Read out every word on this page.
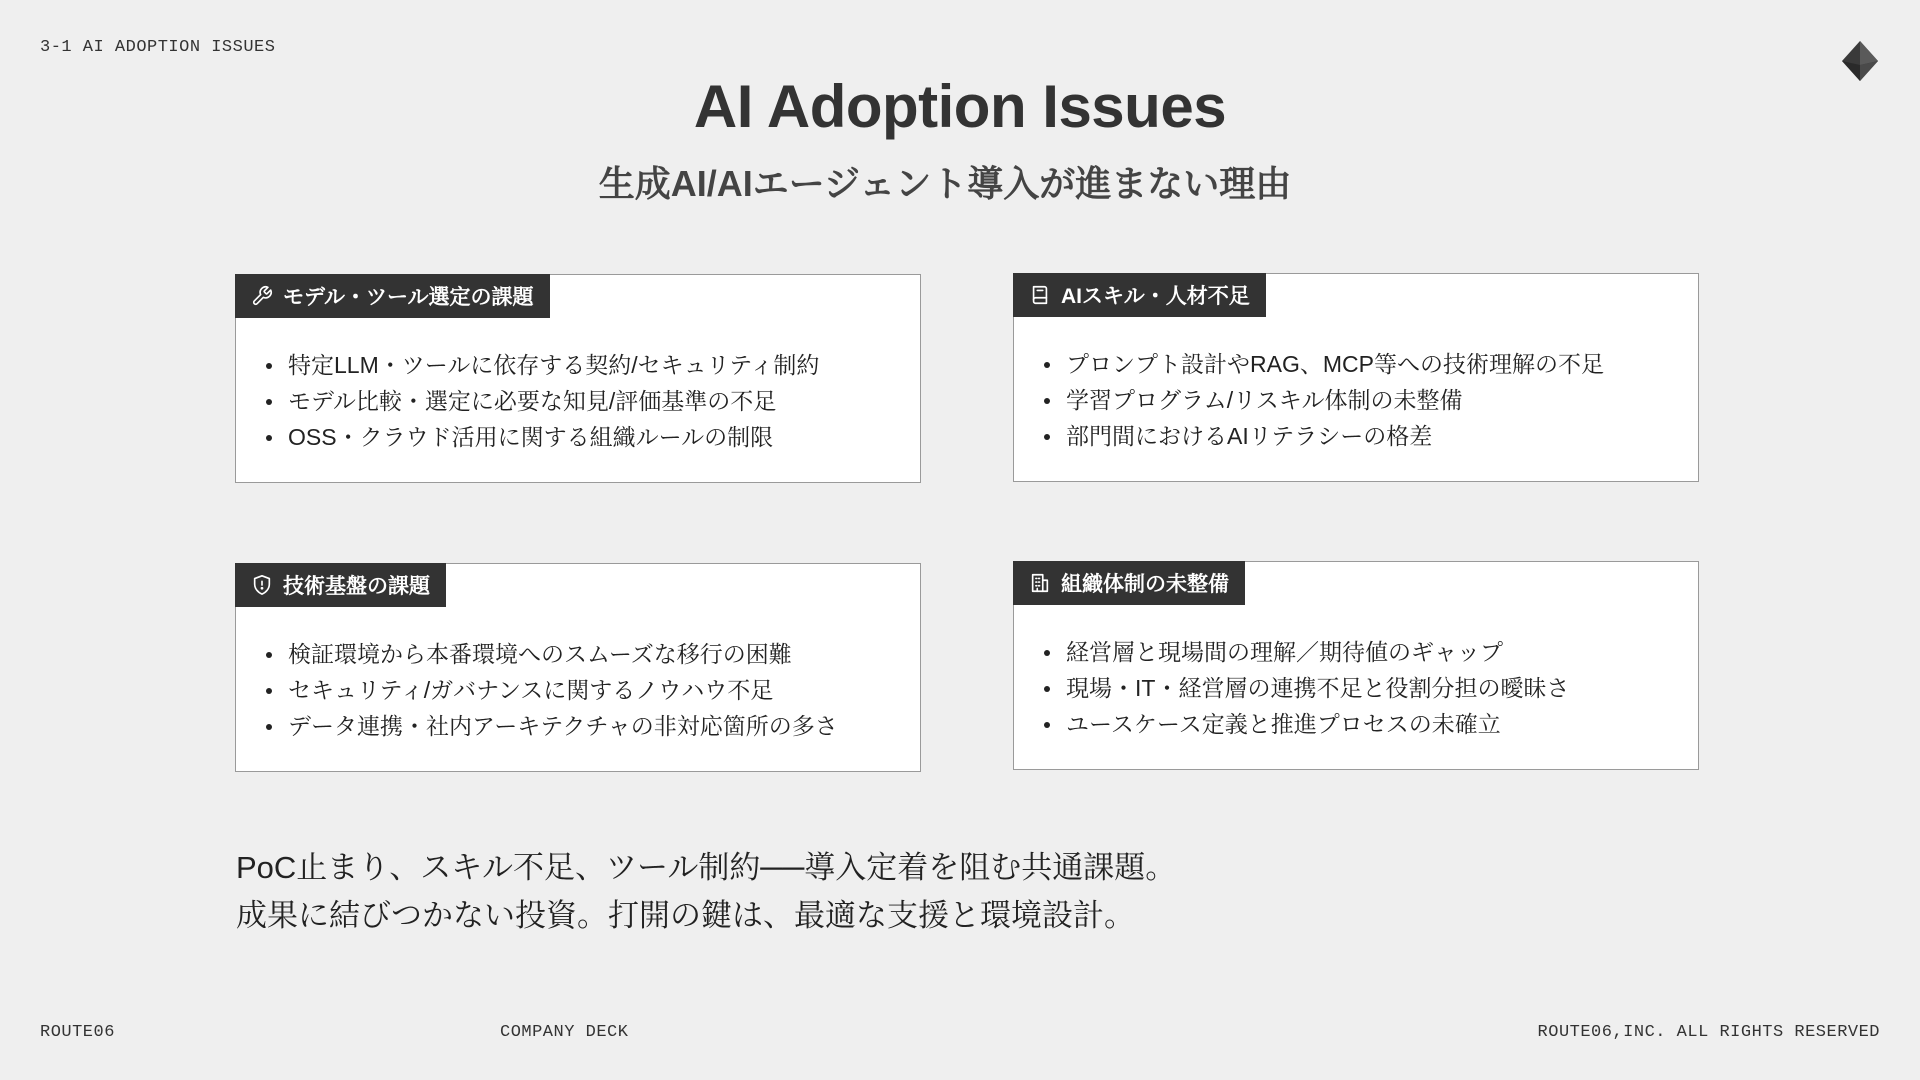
3-1 AI ADOPTION ISSUES
AI Adoption Issues
生成AI/AIエージェント導入が進まない理由
モデル・ツール選定の課題
特定LLM・ツールに依存する契約/セキュリティ制約
モデル比較・選定に必要な知見/評価基準の不足
OSS・クラウド活用に関する組織ルールの制限
AIスキル・人材不足
プロンプト設計やRAG、MCP等への技術理解の不足
学習プログラム/リスキル体制の未整備
部門間におけるAIリテラシーの格差
技術基盤の課題
検証環境から本番環境へのスムーズな移行の困難
セキュリティ/ガバナンスに関するノウハウ不足
データ連携・社内アーキテクチャの非対応箇所の多さ
組織体制の未整備
経営層と現場間の理解／期待値のギャップ
現場・IT・経営層の連携不足と役割分担の曖昧さ
ユースケース定義と推進プロセスの未確立
PoC止まり、スキル不足、ツール制約──導入定着を阻む共通課題。
成果に結びつかない投資。打開の鍵は、最適な支援と環境設計。
ROUTE06	COMPANY DECK	ROUTE06,INC. ALL RIGHTS RESERVED
